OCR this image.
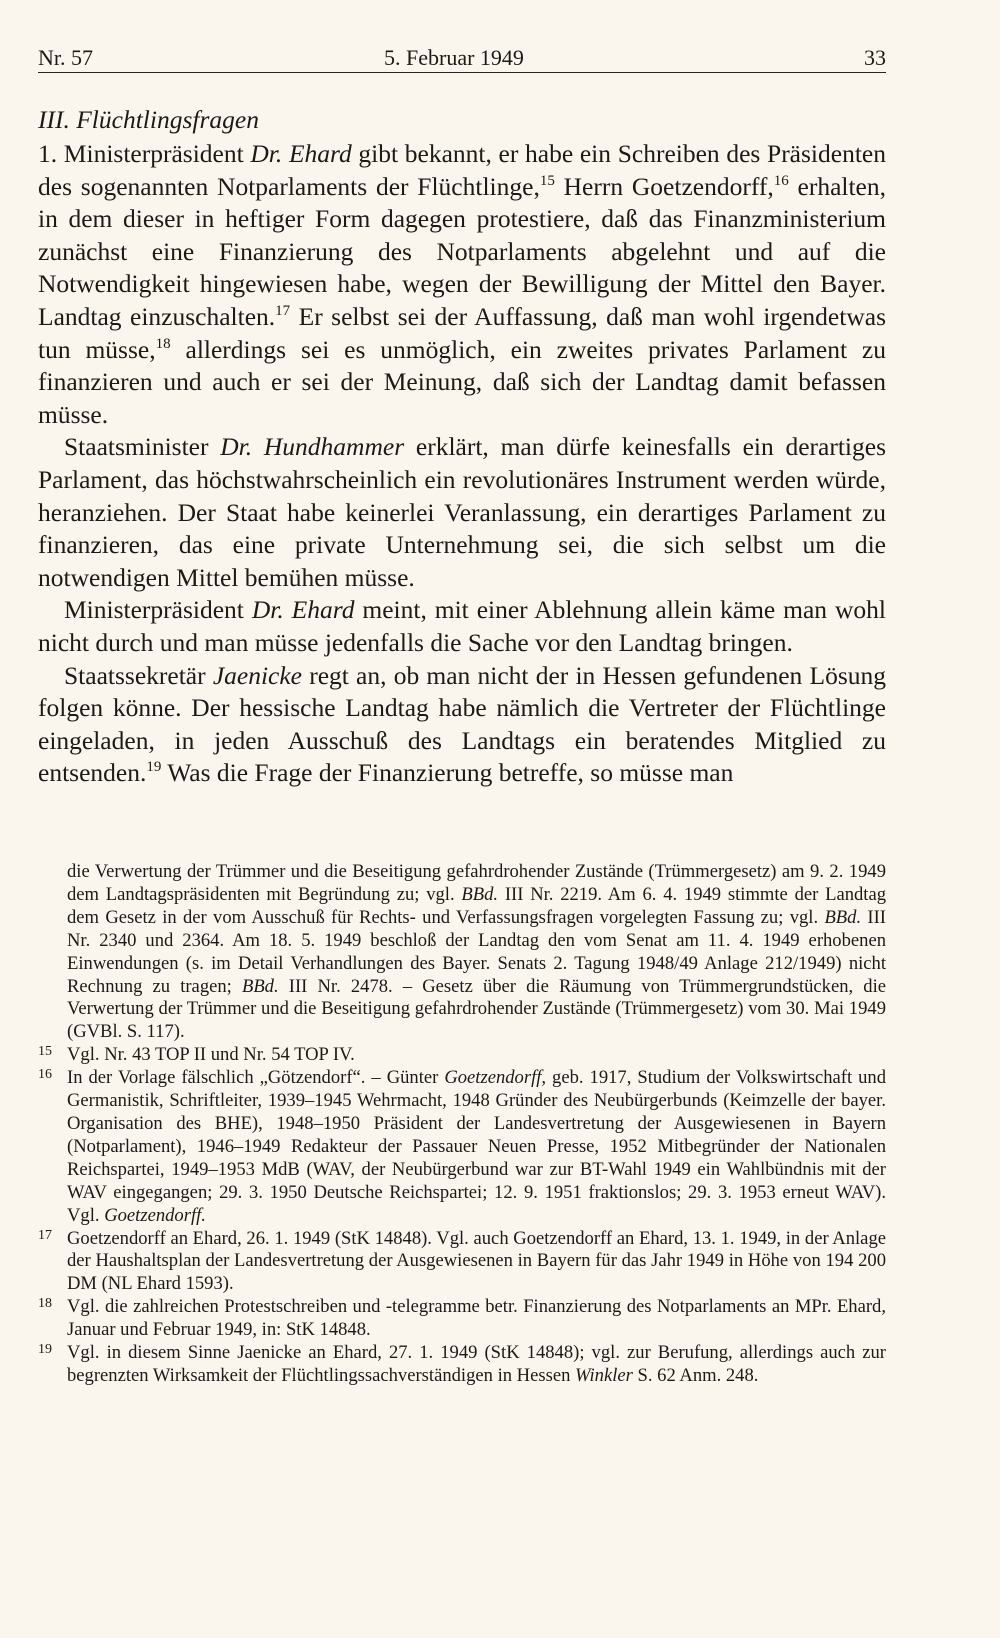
Nr. 57	5. Februar 1949	33
III. Flüchtlingsfragen

1. Ministerpräsident Dr. Ehard gibt bekannt, er habe ein Schreiben des Präsidenten des sogenannten Notparlaments der Flüchtlinge,$^{15}$ Herrn Goetzendorff,$^{16}$ erhalten, in dem dieser in heftiger Form dagegen protestiere, daß das Finanzministerium zunächst eine Finanzierung des Notparlaments abgelehnt und auf die Notwendigkeit hingewiesen habe, wegen der Bewilligung der Mittel den Bayer. Landtag einzuschalten.$^{17}$ Er selbst sei der Auffassung, daß man wohl irgendetwas tun müsse,$^{18}$ allerdings sei es unmöglich, ein zweites privates Parlament zu finanzieren und auch er sei der Meinung, daß sich der Landtag damit befassen müsse.

Staatsminister Dr. Hundhammer erklärt, man dürfe keinesfalls ein derartiges Parlament, das höchstwahrscheinlich ein revolutionäres Instrument werden würde, heranziehen. Der Staat habe keinerlei Veranlassung, ein derartiges Parlament zu finanzieren, das eine private Unternehmung sei, die sich selbst um die notwendigen Mittel bemühen müsse.

Ministerpräsident Dr. Ehard meint, mit einer Ablehnung allein käme man wohl nicht durch und man müsse jedenfalls die Sache vor den Landtag bringen.

Staatssekretär Jaenicke regt an, ob man nicht der in Hessen gefundenen Lösung folgen könne. Der hessische Landtag habe nämlich die Vertreter der Flüchtlinge eingeladen, in jeden Ausschuß des Landtags ein beratendes Mitglied zu entsenden.$^{19}$ Was die Frage der Finanzierung betreffe, so müsse man

die Verwertung der Trümmer und die Beseitigung gefahrdrohender Zustände (Trümmergesetz) am 9. 2. 1949 dem Landtagspräsidenten mit Begründung zu; vgl. BBd. III Nr. 2219. Am 6. 4. 1949 stimmte der Landtag dem Gesetz in der vom Ausschuß für Rechts- und Verfassungsfragen vorgelegten Fassung zu; vgl. BBd. III Nr. 2340 und 2364. Am 18. 5. 1949 beschloß der Landtag den vom Senat am 11. 4. 1949 erhobenen Einwendungen (s. im Detail Verhandlungen des Bayer. Senats 2. Tagung 1948/49 Anlage 212/1949) nicht Rechnung zu tragen; BBd. III Nr. 2478. – Gesetz über die Räumung von Trümmergrundstücken, die Verwertung der Trümmer und die Beseitigung gefahrdrohender Zustände (Trümmergesetz) vom 30. Mai 1949 (GVBl. S. 117).

15 Vgl. Nr. 43 TOP II und Nr. 54 TOP IV.

16 In der Vorlage fälschlich „Götzendorf“. – Günter Goetzendorff, geb. 1917, Studium der Volkswirtschaft und Germanistik, Schriftleiter, 1939–1945 Wehrmacht, 1948 Gründer des Neubürgerbunds (Keimzelle der bayer. Organisation des BHE), 1948–1950 Präsident der Landesvertretung der Ausgewiesenen in Bayern (Notparlament), 1946–1949 Redakteur der Passauer Neuen Presse, 1952 Mitbegründer der Nationalen Reichspartei, 1949–1953 MdB (WAV, der Neubürgerbund war zur BT-Wahl 1949 ein Wahlbündnis mit der WAV eingegangen; 29. 3. 1950 Deutsche Reichspartei; 12. 9. 1951 fraktionslos; 29. 3. 1953 erneut WAV). Vgl. Goetzendorff.

17 Goetzendorff an Ehard, 26. 1. 1949 (StK 14848). Vgl. auch Goetzendorff an Ehard, 13. 1. 1949, in der Anlage der Haushaltsplan der Landesvertretung der Ausgewiesenen in Bayern für das Jahr 1949 in Höhe von 194 200 DM (NL Ehard 1593).

18 Vgl. die zahlreichen Protestschreiben und -telegramme betr. Finanzierung des Notparlaments an MPr. Ehard, Januar und Februar 1949, in: StK 14848.

19 Vgl. in diesem Sinne Jaenicke an Ehard, 27. 1. 1949 (StK 14848); vgl. zur Berufung, allerdings auch zur begrenzten Wirksamkeit der Flüchtlingssachverständigen in Hessen Winkler S. 62 Anm. 248.
